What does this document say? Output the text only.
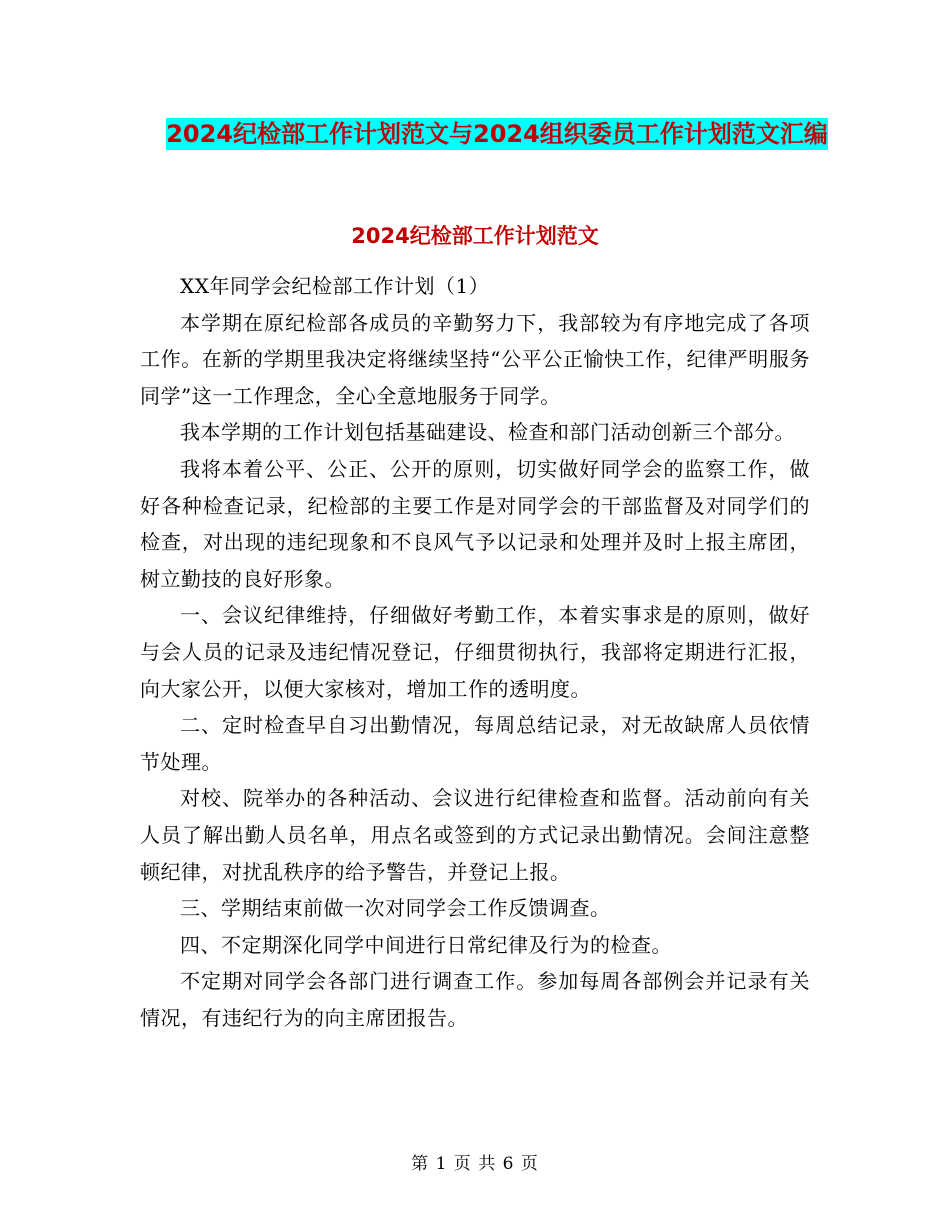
2024纪检部工作计划范文与2024组织委员工作计划范文汇编
2024纪检部工作计划范文

XX年同学会纪检部工作计划（1）

本学期在原纪检部各成员的辛勤努力下，我部较为有序地完成了各项工作。在新的学期里我决定将继续坚持“公平公正愉快工作，纪律严明服务同学”这一工作理念，全心全意地服务于同学。

我本学期的工作计划包括基础建设、检查和部门活动创新三个部分。

我将本着公平、公正、公开的原则，切实做好同学会的监察工作，做好各种检查记录，纪检部的主要工作是对同学会的干部监督及对同学们的检查，对出现的违纪现象和不良风气予以记录和处理并及时上报主席团，树立勤技的良好形象。

一、会议纪律维持，仔细做好考勤工作，本着实事求是的原则，做好与会人员的记录及违纪情况登记，仔细贯彻执行，我部将定期进行汇报，向大家公开，以便大家核对，增加工作的透明度。

二、定时检查早自习出勤情况，每周总结记录，对无故缺席人员依情节处理。

对校、院举办的各种活动、会议进行纪律检查和监督。活动前向有关人员了解出勤人员名单，用点名或签到的方式记录出勤情况。会间注意整顿纪律，对扰乱秩序的给予警告，并登记上报。

三、学期结束前做一次对同学会工作反馈调查。

四、不定期深化同学中间进行日常纪律及行为的检查。

不定期对同学会各部门进行调查工作。参加每周各部例会并记录有关情况，有违纪行为的向主席团报告。

第 1 页 共 6 页
